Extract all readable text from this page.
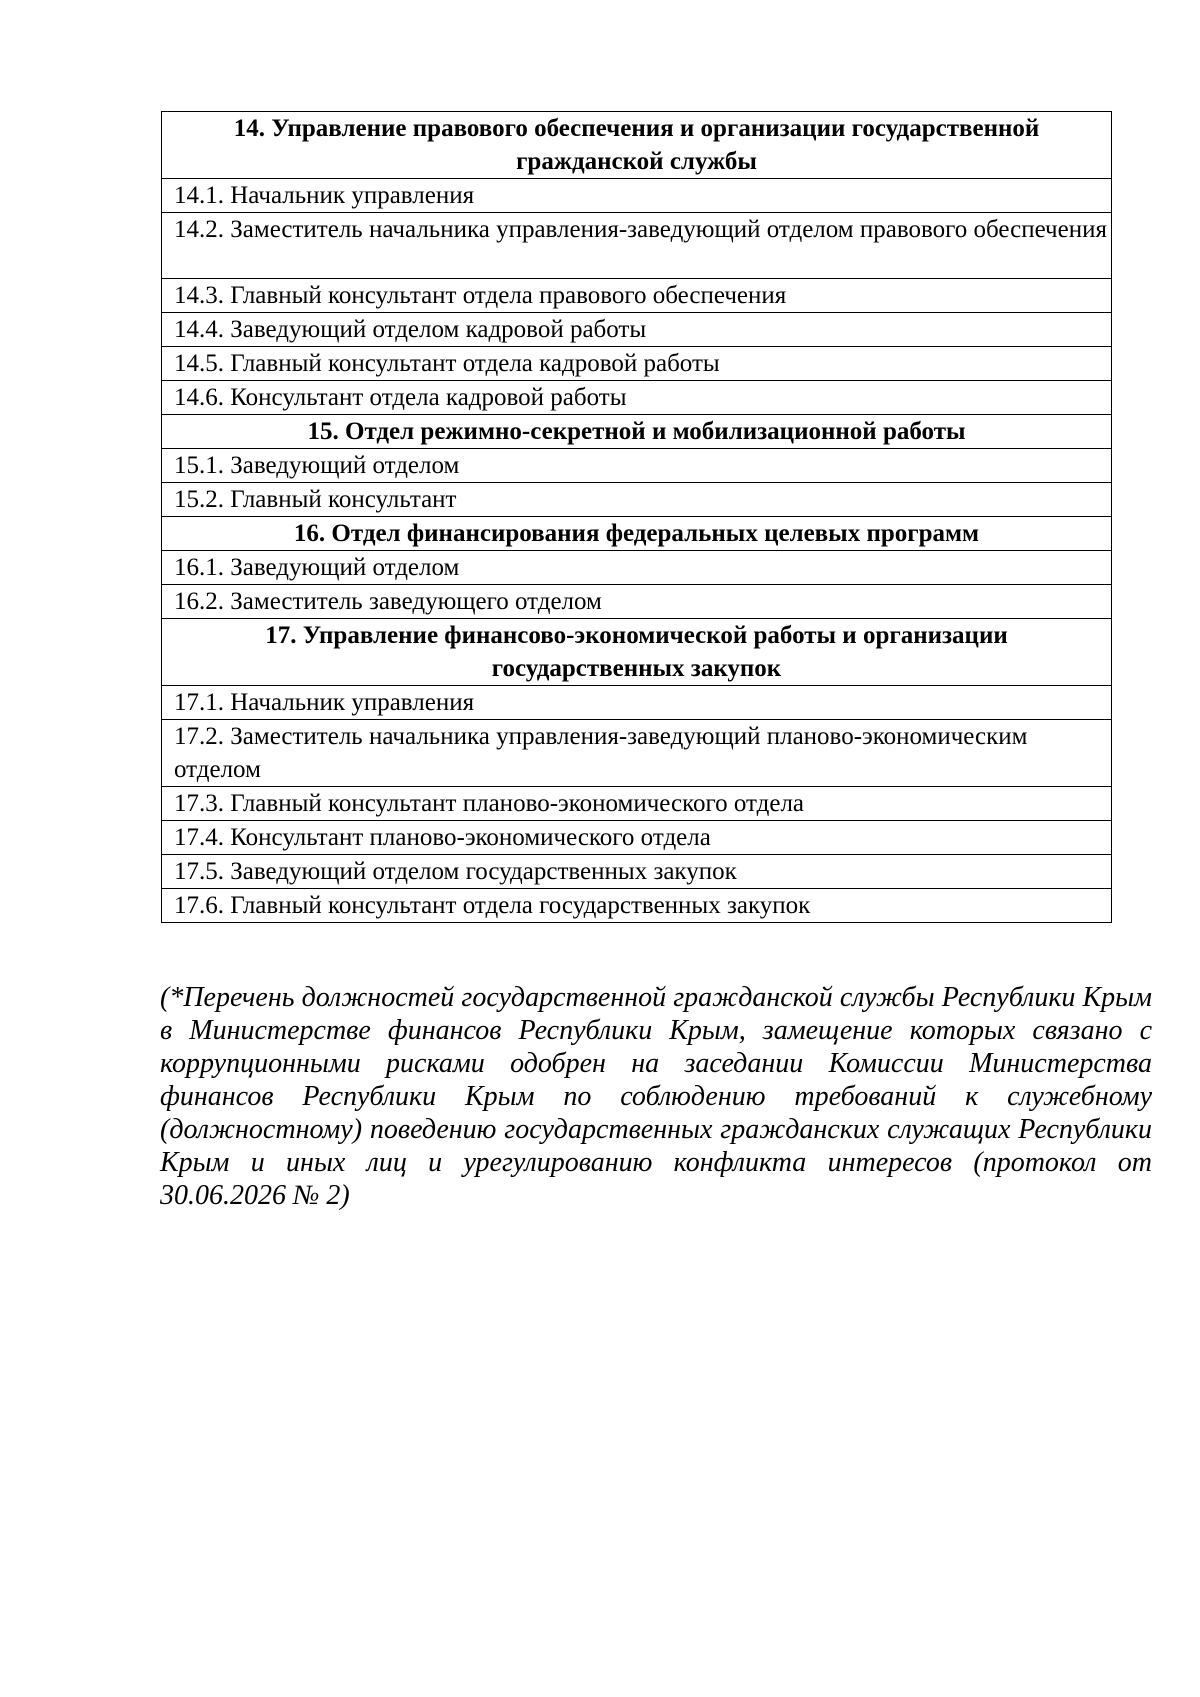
14. Управление правового обеспечения и организации государственной гражданской службы
14.1. Начальник управления
14.2. Заместитель начальника управления-заведующий отделом правового обеспечения
14.3. Главный консультант отдела правового обеспечения
14.4. Заведующий отделом кадровой работы
14.5. Главный консультант отдела кадровой работы
14.6. Консультант отдела кадровой работы
15. Отдел режимно-секретной и мобилизационной работы
15.1. Заведующий отделом
15.2. Главный консультант
16. Отдел финансирования федеральных целевых программ
16.1. Заведующий отделом
16.2. Заместитель заведующего отделом
17. Управление финансово-экономической работы и организации государственных закупок
17.1. Начальник управления
17.2. Заместитель начальника управления-заведующий планово-экономическим отделом
17.3. Главный консультант планово-экономического отдела
17.4. Консультант планово-экономического отдела
17.5. Заведующий отделом государственных закупок
17.6. Главный консультант отдела государственных закупок

(*Перечень должностей государственной гражданской службы Республики Крым в Министерстве финансов Республики Крым, замещение которых связано с коррупционными рисками одобрен на заседании Комиссии Министерства финансов Республики Крым по соблюдению требований к служебному (должностному) поведению государственных гражданских служащих Республики Крым и иных лиц и урегулированию конфликта интересов (протокол от 30.06.2026 № 2)
